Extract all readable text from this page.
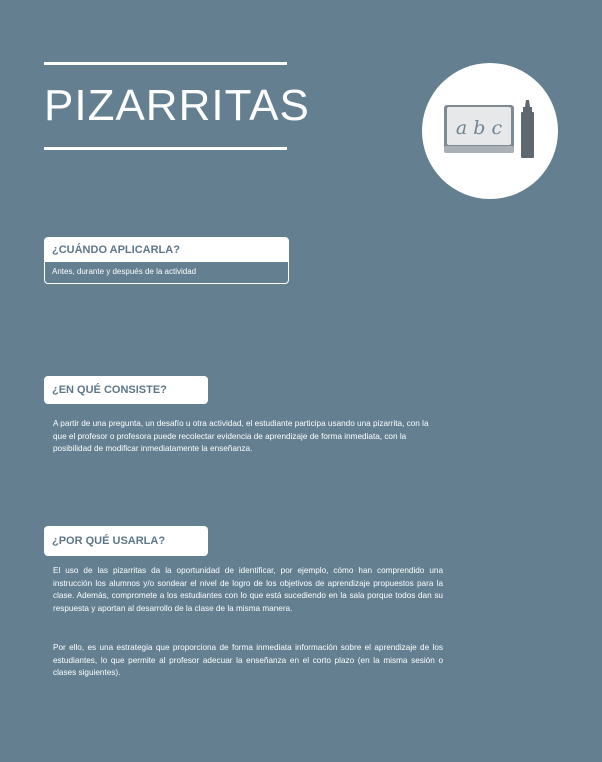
PIZARRITAS	a b c
¿CUÁNDO APLICARLA?
Antes, durante y después de la actividad
¿EN QUÉ CONSISTE?

A partir de una pregunta, un desafío u otra actividad, el estudiante participa usando una pizarrita, con la que el profesor o profesora puede recolectar evidencia de aprendizaje de forma inmediata, con la posibilidad de modificar inmediatamente la enseñanza.

¿POR QUÉ USARLA?

El uso de las pizarritas da la oportunidad de identificar, por ejemplo, cómo han comprendido una instrucción los alumnos y/o sondear el nivel de logro de los objetivos de aprendizaje propuestos para la clase. Además, compromete a los estudiantes con lo que está sucediendo en la sala porque todos dan su respuesta y aportan al desarrollo de la clase de la misma manera.

Por ello, es una estrategia que proporciona de forma inmediata información sobre el aprendizaje de los estudiantes, lo que permite al profesor adecuar la enseñanza en el corto plazo (en la misma sesión o clases siguientes).
